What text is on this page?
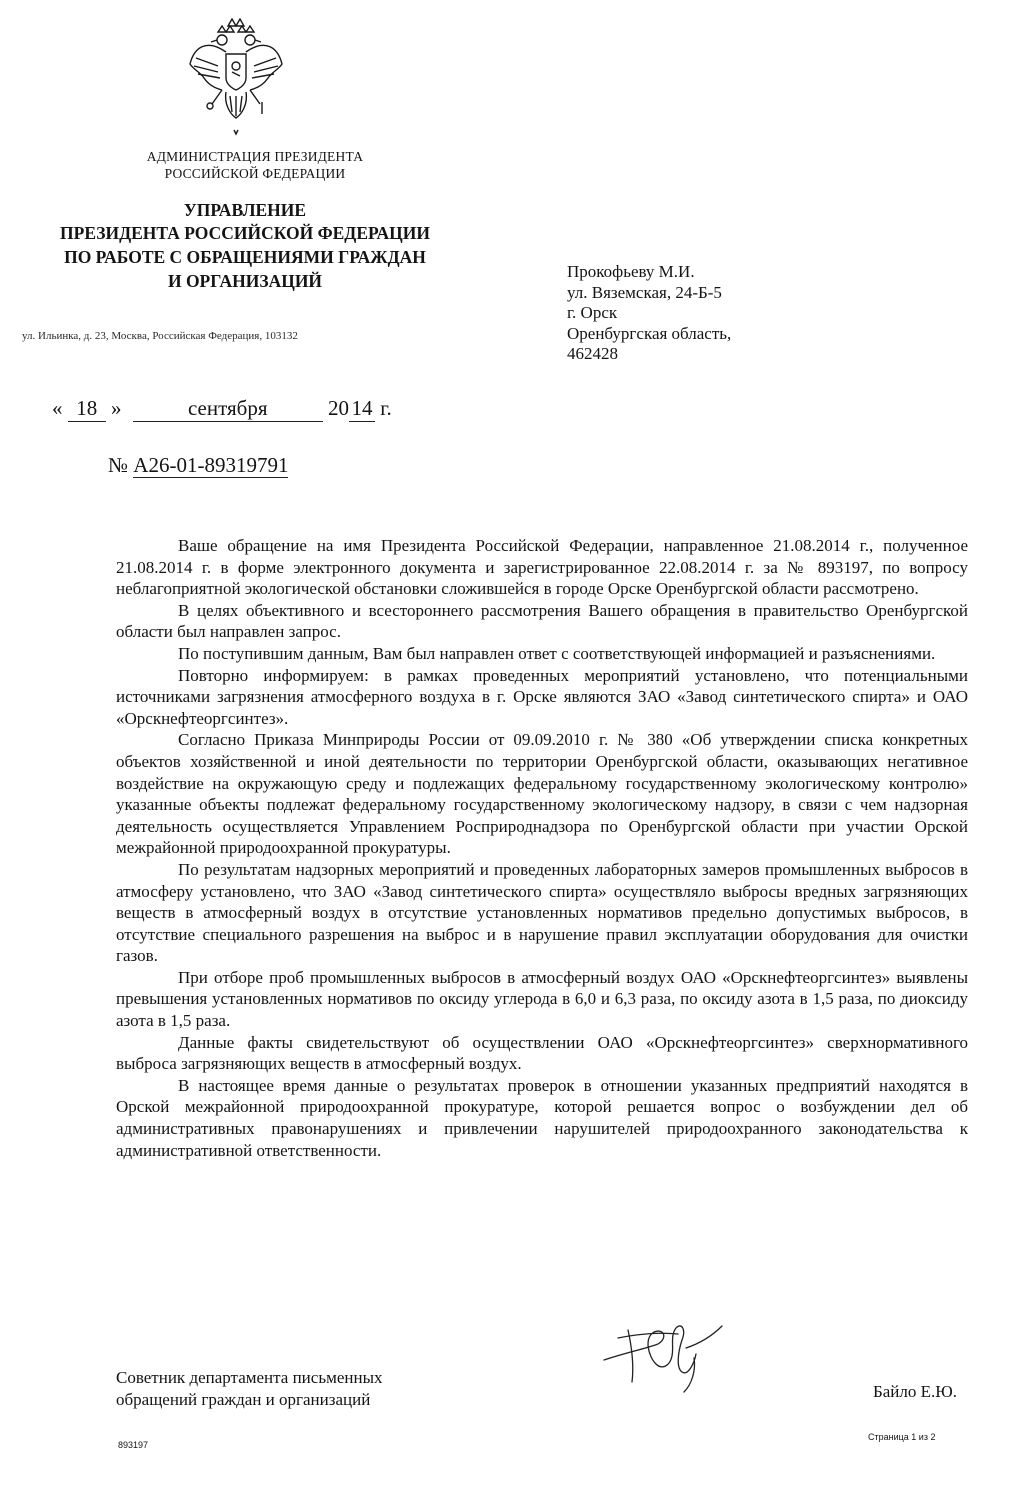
АДМИНИСТРАЦИЯ ПРЕЗИДЕНТА
РОССИЙСКОЙ ФЕДЕРАЦИИ
УПРАВЛЕНИЕ
ПРЕЗИДЕНТА РОССИЙСКОЙ ФЕДЕРАЦИИ
ПО РАБОТЕ С ОБРАЩЕНИЯМИ ГРАЖДАН
И ОРГАНИЗАЦИЙ
ул. Ильинка, д. 23, Москва, Российская Федерация, 103132
Прокофьеву М.И.
ул. Вяземская, 24-Б-5
г. Орск
Оренбургская область,
462428
« 18 »	сентября	20 14 г.
№ А26-01-89319791

Ваше обращение на имя Президента Российской Федерации, направленное 21.08.2014 г., полученное 21.08.2014 г. в форме электронного документа и зарегистрированное 22.08.2014 г. за № 893197, по вопросу неблагоприятной экологической обстановки сложившейся в городе Орске Оренбургской области рассмотрено.

В целях объективного и всестороннего рассмотрения Вашего обращения в правительство Оренбургской области был направлен запрос.

По поступившим данным, Вам был направлен ответ с соответствующей информацией и разъяснениями.

Повторно информируем: в рамках проведенных мероприятий установлено, что потенциальными источниками загрязнения атмосферного воздуха в г. Орске являются ЗАО «Завод синтетического спирта» и ОАО «Орскнефтеоргсинтез».

Согласно Приказа Минприроды России от 09.09.2010 г. № 380 «Об утверждении списка конкретных объектов хозяйственной и иной деятельности по территории Оренбургской области, оказывающих негативное воздействие на окружающую среду и подлежащих федеральному государственному экологическому контролю» указанные объекты подлежат федеральному государственному экологическому надзору, в связи с чем надзорная деятельность осуществляется Управлением Росприроднадзора по Оренбургской области при участии Орской межрайонной природоохранной прокуратуры.

По результатам надзорных мероприятий и проведенных лабораторных замеров промышленных выбросов в атмосферу установлено, что ЗАО «Завод синтетического спирта» осуществляло выбросы вредных загрязняющих веществ в атмосферный воздух в отсутствие установленных нормативов предельно допустимых выбросов, в отсутствие специального разрешения на выброс и в нарушение правил эксплуатации оборудования для очистки газов.

При отборе проб промышленных выбросов в атмосферный воздух ОАО «Орскнефтеоргсинтез» выявлены превышения установленных нормативов по оксиду углерода в 6,0 и 6,3 раза, по оксиду азота в 1,5 раза, по диоксиду азота в 1,5 раза.

Данные факты свидетельствуют об осуществлении ОАО «Орскнефтеоргсинтез» сверхнормативного выброса загрязняющих веществ в атмосферный воздух.

В настоящее время данные о результатах проверок в отношении указанных предприятий находятся в Орской межрайонной природоохранной прокуратуре, которой решается вопрос о возбуждении дел об административных правонарушениях и привлечении нарушителей природоохранного законодательства к административной ответственности.

Советник департамента письменных
обращений граждан и организаций	Байло Е.Ю.
893197
Страница 1 из 2
